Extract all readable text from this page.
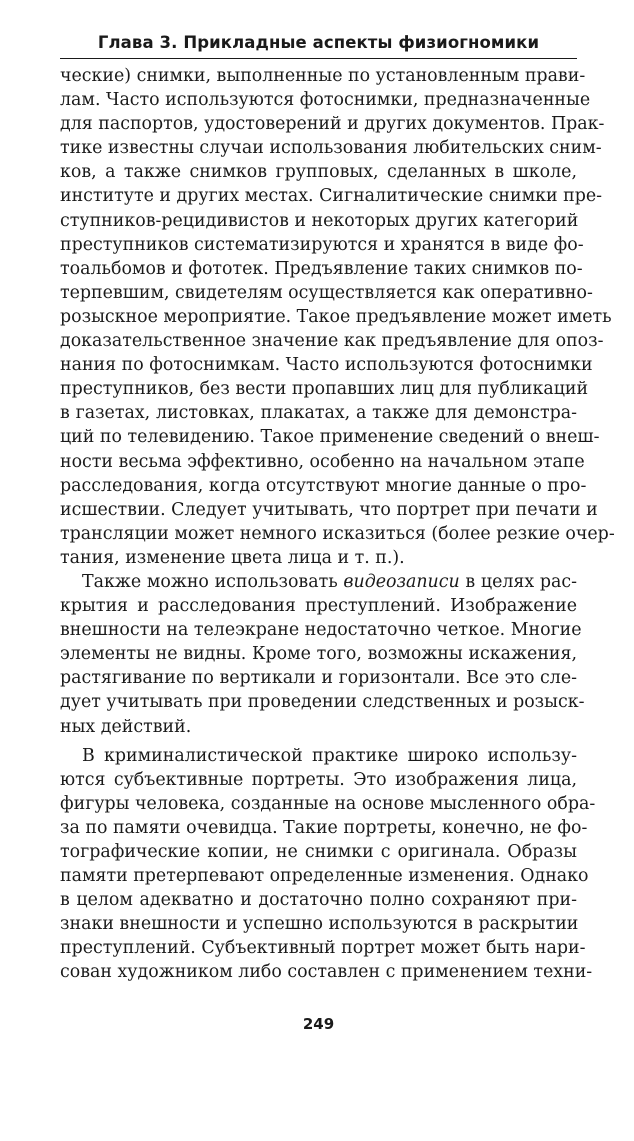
Глава 3. Прикладные аспекты физиогномики
ческие) снимки, выполненные по установленным прави-
лам. Часто используются фотоснимки, предназначенные
для паспортов, удостоверений и других документов. Прак-
тике известны случаи использования любительских сним-
ков, а также снимков групповых, сделанных в школе,
институте и других местах. Сигналитические снимки пре-
ступников-рецидивистов и некоторых других категорий
преступников систематизируются и хранятся в виде фо-
тоальбомов и фототек. Предъявление таких снимков по-
терпевшим, свидетелям осуществляется как оперативно-
розыскное мероприятие. Такое предъявление может иметь
доказательственное значение как предъявление для опоз-
нания по фотоснимкам. Часто используются фотоснимки
преступников, без вести пропавших лиц для публикаций
в газетах, листовках, плакатах, а также для демонстра-
ций по телевидению. Такое применение сведений о внеш-
ности весьма эффективно, особенно на начальном этапе
расследования, когда отсутствуют многие данные о про-
исшествии. Следует учитывать, что портрет при печати и
трансляции может немного исказиться (более резкие очер-
тания, изменение цвета лица и т. п.).
Также можно использовать видеозаписи в целях рас-
крытия и расследования преступлений. Изображение
внешности на телеэкране недостаточно четкое. Многие
элементы не видны. Кроме того, возможны искажения,
растягивание по вертикали и горизонтали. Все это сле-
дует учитывать при проведении следственных и розыск-
ных действий.
В криминалистической практике широко использу-
ются субъективные портреты. Это изображения лица,
фигуры человека, созданные на основе мысленного обра-
за по памяти очевидца. Такие портреты, конечно, не фо-
тографические копии, не снимки с оригинала. Образы
памяти претерпевают определенные изменения. Однако
в целом адекватно и достаточно полно сохраняют при-
знаки внешности и успешно используются в раскрытии
преступлений. Субъективный портрет может быть нари-
сован художником либо составлен с применением техни-
249
